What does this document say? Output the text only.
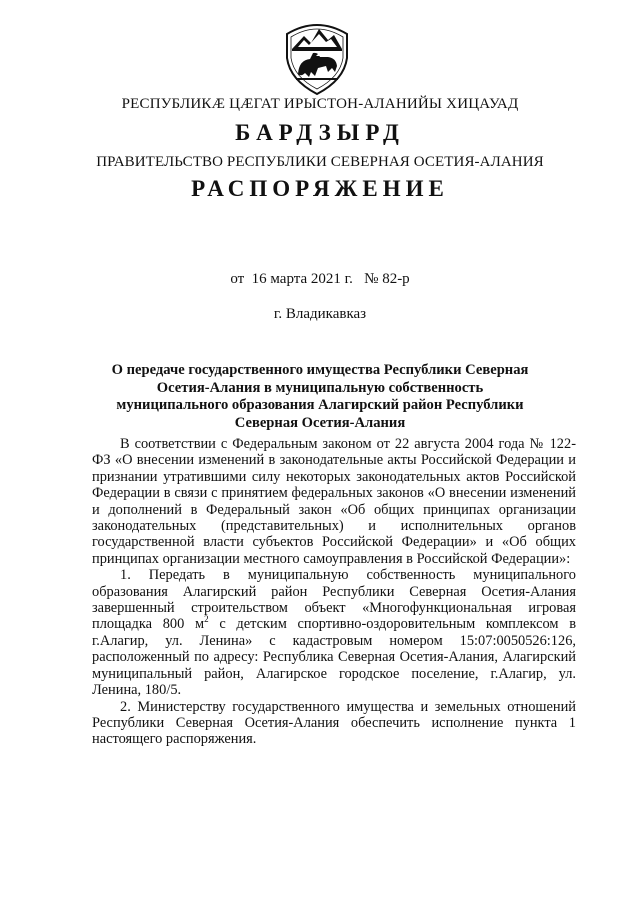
РЕСПУБЛИКӔ ЦӔГАТ ИРЫСТОН-АЛАНИЙЫ ХИЦАУАД
БАРДЗЫРД
ПРАВИТЕЛЬСТВО РЕСПУБЛИКИ СЕВЕРНАЯ ОСЕТИЯ-АЛАНИЯ
РАСПОРЯЖЕНИЕ
от  16 марта 2021 г.   № 82-р
г. Владикавказ
О передаче государственного имущества Республики Северная Осетия-Алания в муниципальную собственность муниципального образования Алагирский район Республики Северная Осетия-Алания

В соответствии с Федеральным законом от 22 августа 2004 года № 122-ФЗ «О внесении изменений в законодательные акты Российской Федерации и признании утратившими силу некоторых законодательных актов Российской Федерации в связи с принятием федеральных законов «О внесении изменений и дополнений в Федеральный закон «Об общих принципах организации законодательных (представительных) и исполнительных органов государственной власти субъектов Российской Федерации» и «Об общих принципах организации местного самоуправления в Российской Федерации»:

1. Передать в муниципальную собственность муниципального образования Алагирский район Республики Северная Осетия-Алания завершенный строительством объект «Многофункциональная игровая площадка 800 $м^2$ с детским спортивно-оздоровительным комплексом в г.Алагир, ул. Ленина» с кадастровым номером 15:07:0050526:126, расположенный по адресу: Республика Северная Осетия-Алания, Алагирский муниципальный район, Алагирское городское поселение, г.Алагир, ул. Ленина, 180/5.

2. Министерству государственного имущества и земельных отношений Республики Северная Осетия-Алания обеспечить исполнение пункта 1 настоящего распоряжения.
